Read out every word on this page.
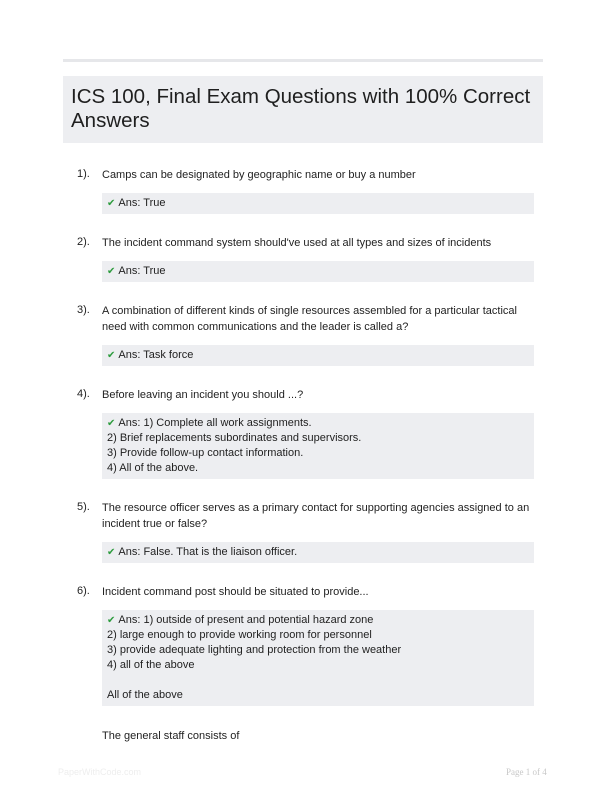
ICS 100, Final Exam Questions with 100% Correct Answers
1). Camps can be designated by geographic name or buy a number
✔ Ans: True
2). The incident command system should've used at all types and sizes of incidents
✔ Ans: True
3). A combination of different kinds of single resources assembled for a particular tactical need with common communications and the leader is called a?
✔ Ans: Task force
4). Before leaving an incident you should ...?
✔ Ans: 1) Complete all work assignments.
2) Brief replacements subordinates and supervisors.
3) Provide follow-up contact information.
4) All of the above.
5). The resource officer serves as a primary contact for supporting agencies assigned to an incident true or false?
✔ Ans: False. That is the liaison officer.
6). Incident command post should be situated to provide...
✔ Ans: 1) outside of present and potential hazard zone
2) large enough to provide working room for personnel
3) provide adequate lighting and protection from the weather
4) all of the above
All of the above
The general staff consists of
PaperWithCode.com	Page 1 of 4
